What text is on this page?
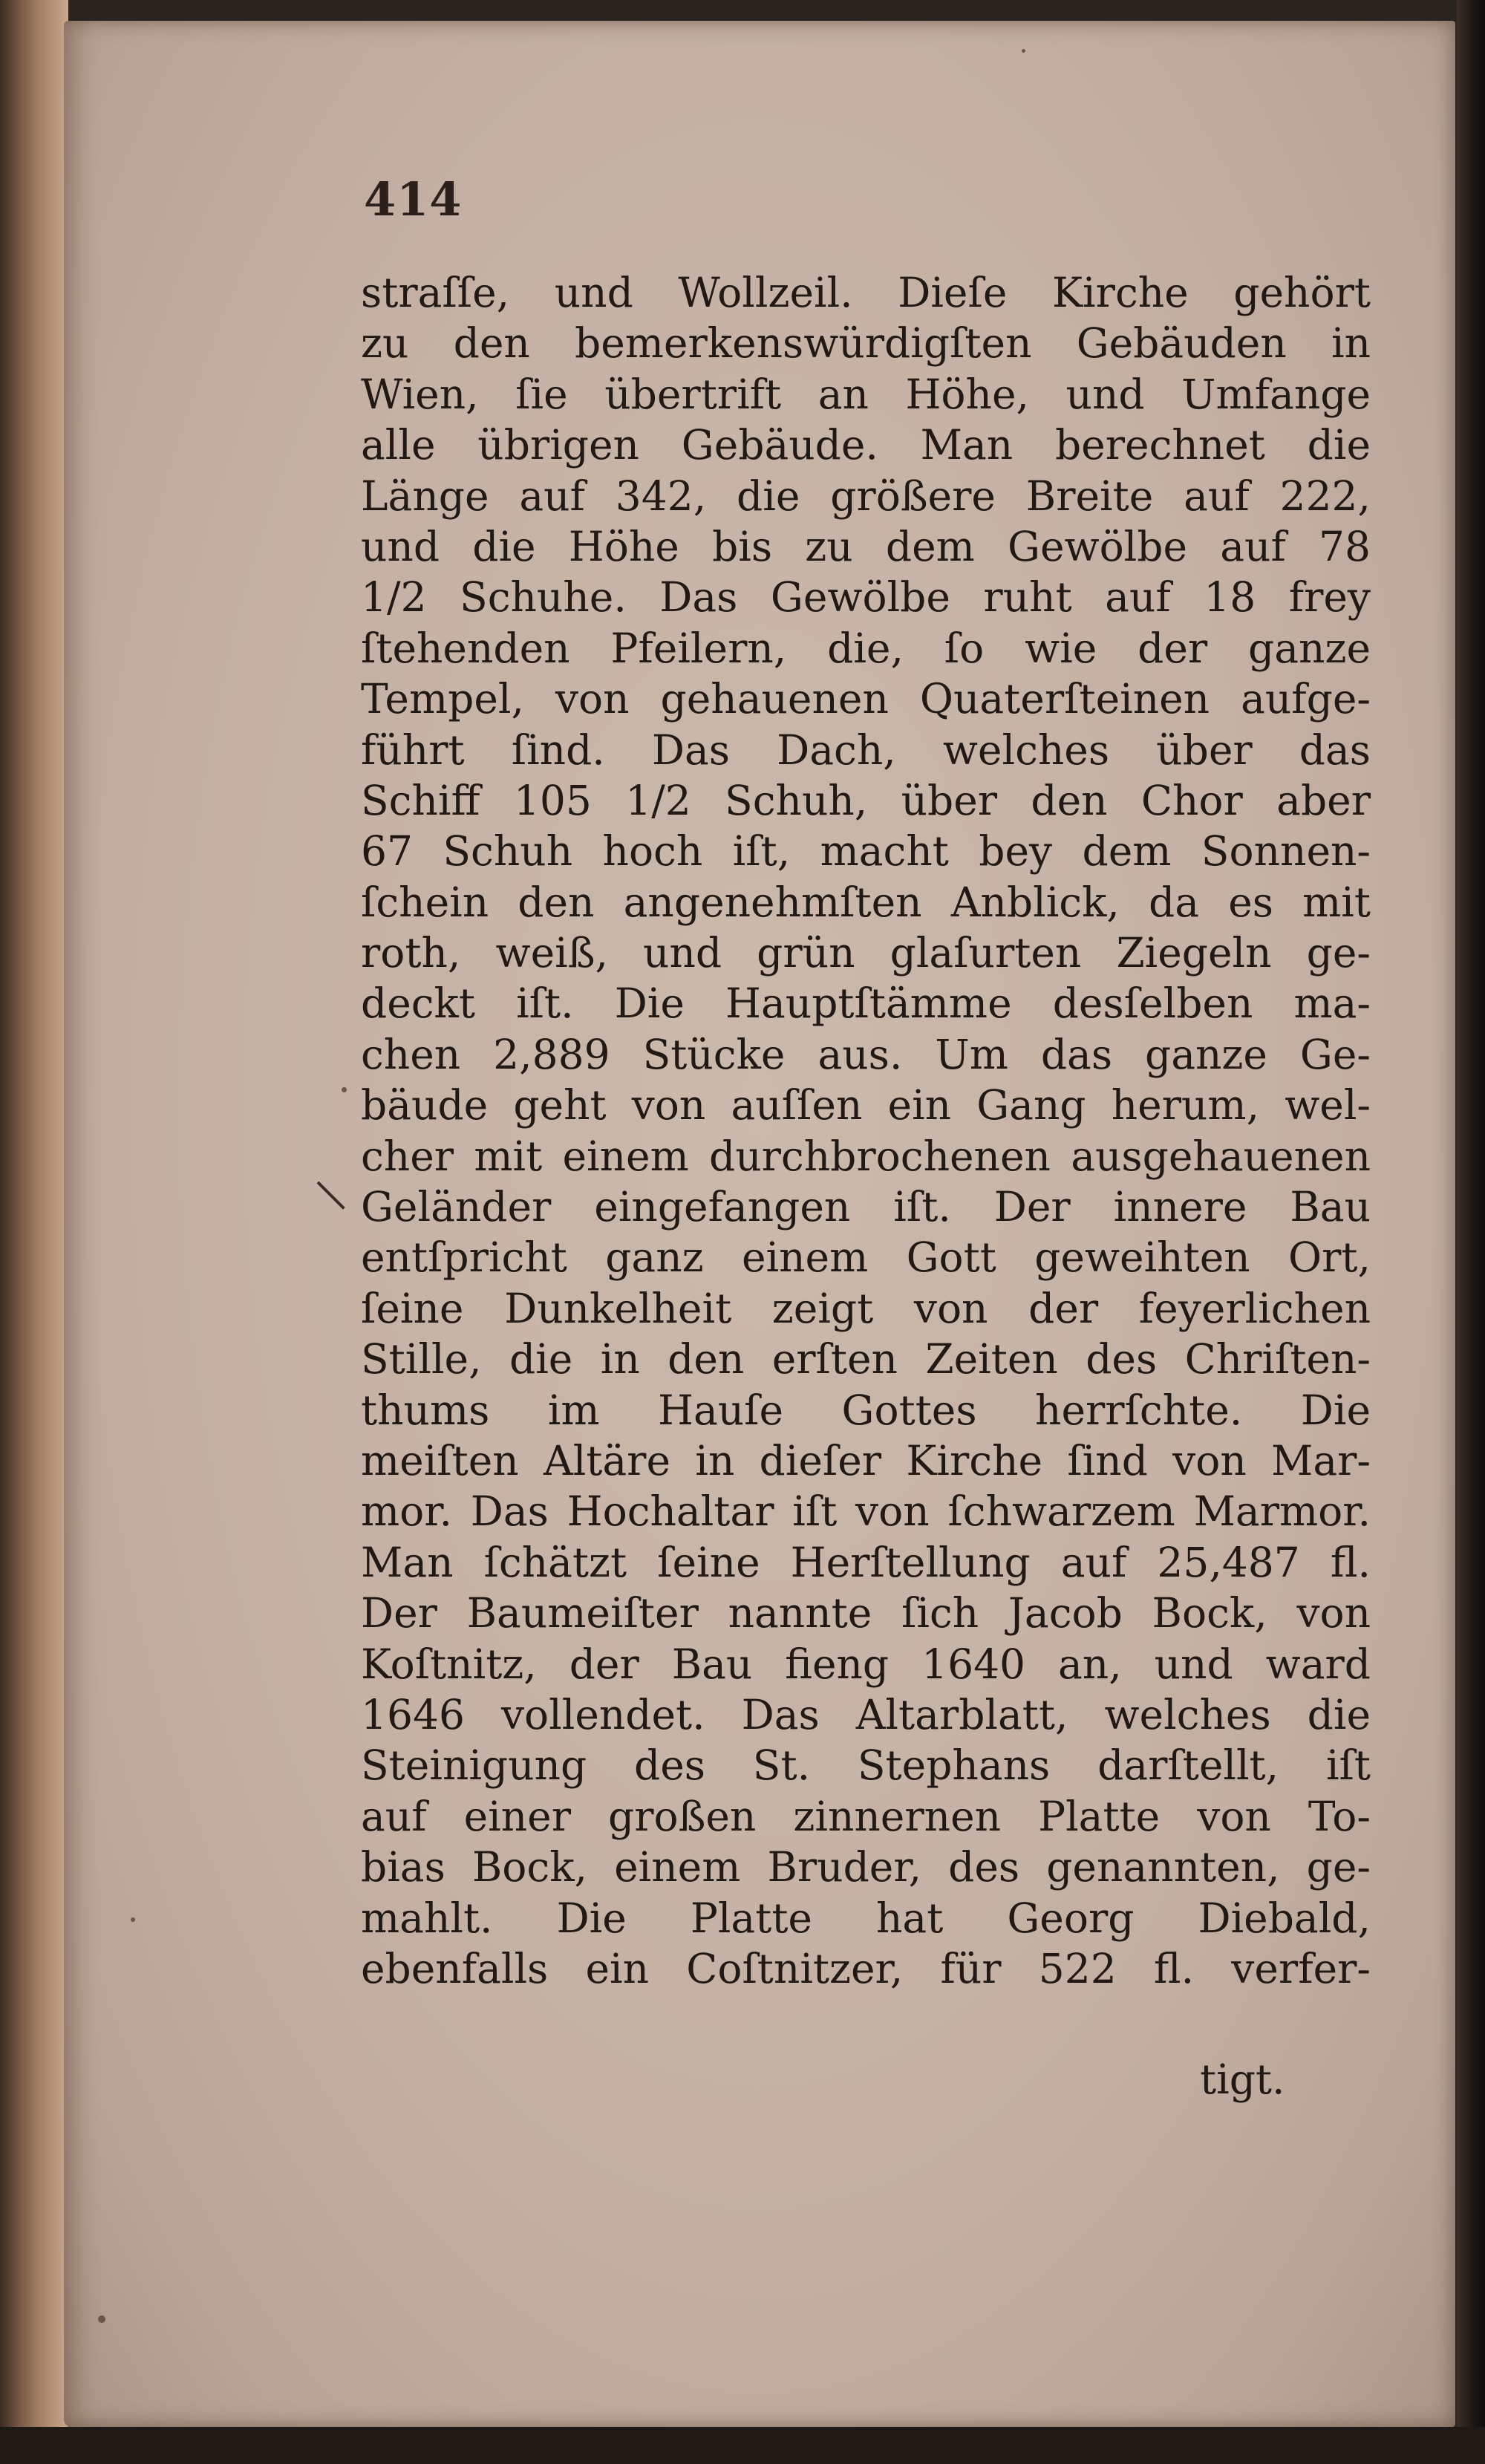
414
straſſe, und Wollzeil. Dieſe Kirche gehört
zu den bemerkenswürdigſten Gebäuden in
Wien, ſie übertrift an Höhe, und Umfange
alle übrigen Gebäude. Man berechnet die
Länge auf 342, die größere Breite auf 222,
und die Höhe bis zu dem Gewölbe auf 78
1/2 Schuhe. Das Gewölbe ruht auf 18 frey
ſtehenden Pfeilern, die, ſo wie der ganze
Tempel, von gehauenen Quaterſteinen aufge-
führt ſind. Das Dach, welches über das
Schiff 105 1/2 Schuh, über den Chor aber
67 Schuh hoch iſt, macht bey dem Sonnen-
ſchein den angenehmſten Anblick, da es mit
roth, weiß, und grün glaſurten Ziegeln ge-
deckt iſt. Die Hauptſtämme desſelben ma-
chen 2,889 Stücke aus. Um das ganze Ge-
bäude geht von auſſen ein Gang herum, wel-
cher mit einem durchbrochenen ausgehauenen
Geländer eingefangen iſt. Der innere Bau
entſpricht ganz einem Gott geweihten Ort,
ſeine Dunkelheit zeigt von der feyerlichen
Stille, die in den erſten Zeiten des Chriſten-
thums im Hauſe Gottes herrſchte. Die
meiſten Altäre in dieſer Kirche ſind von Mar-
mor. Das Hochaltar iſt von ſchwarzem Marmor.
Man ſchätzt ſeine Herſtellung auf 25,487 fl.
Der Baumeiſter nannte ſich Jacob Bock, von
Koſtnitz, der Bau fieng 1640 an, und ward
1646 vollendet. Das Altarblatt, welches die
Steinigung des St. Stephans darſtellt, iſt
auf einer großen zinnernen Platte von To-
bias Bock, einem Bruder, des genannten, ge-
mahlt. Die Platte hat Georg Diebald,
ebenfalls ein Coſtnitzer, für 522 fl. verfer-
tigt.
